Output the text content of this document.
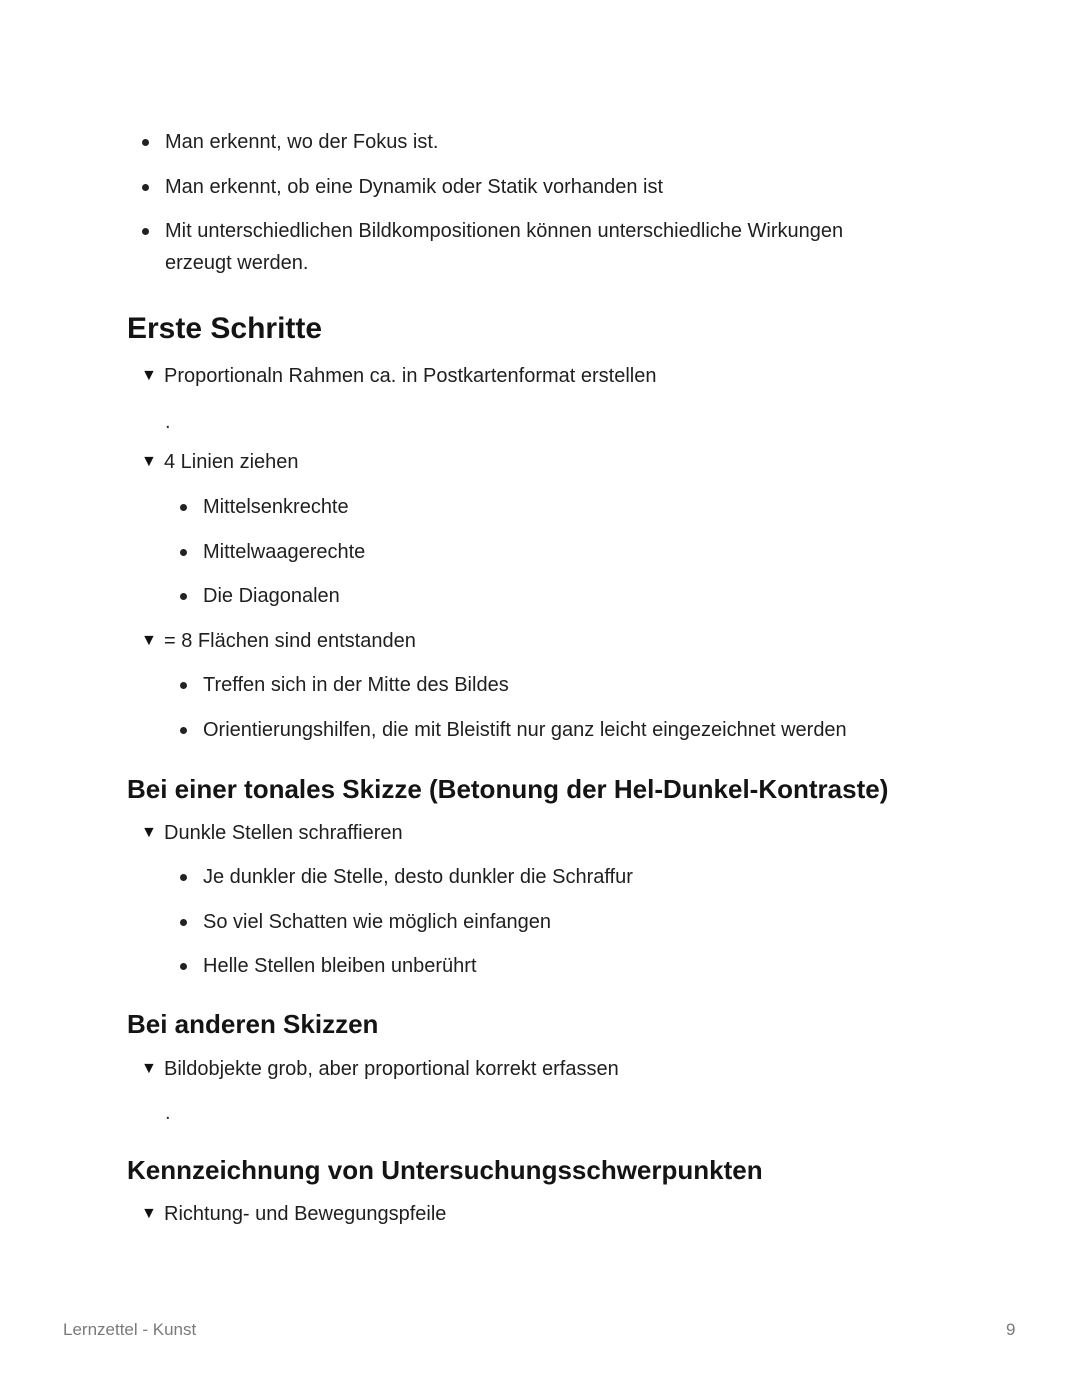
Man erkennt, wo der Fokus ist.
Man erkennt, ob eine Dynamik oder Statik vorhanden ist
Mit unterschiedlichen Bildkompositionen können unterschiedliche Wirkungen
erzeugt werden.
Erste Schritte
▼ Proportionaln Rahmen ca. in Postkartenformat erstellen
.
▼ 4 Linien ziehen
Mittelsenkrechte
Mittelwaagerechte
Die Diagonalen
▼ = 8 Flächen sind entstanden
Treffen sich in der Mitte des Bildes
Orientierungshilfen, die mit Bleistift nur ganz leicht eingezeichnet werden
Bei einer tonales Skizze (Betonung der Hel-Dunkel-Kontraste)
▼ Dunkle Stellen schraffieren
Je dunkler die Stelle, desto dunkler die Schraffur
So viel Schatten wie möglich einfangen
Helle Stellen bleiben unberührt
Bei anderen Skizzen
▼ Bildobjekte grob, aber proportional korrekt erfassen
.
Kennzeichnung von Untersuchungsschwerpunkten
▼ Richtung- und Bewegungspfeile
Lernzettel - Kunst	9
